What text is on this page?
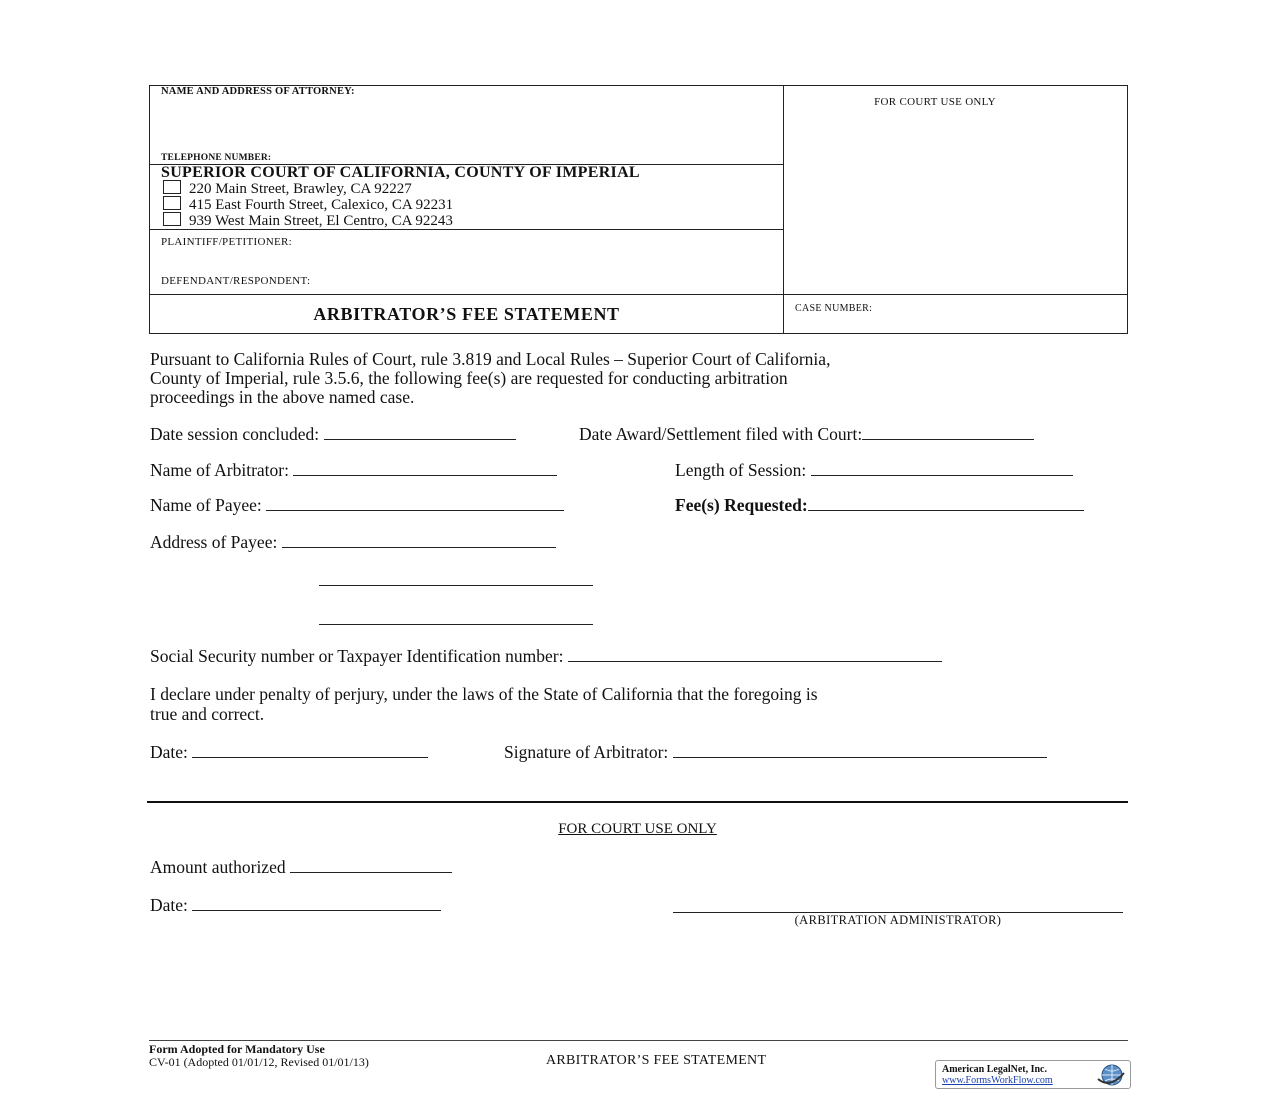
NAME AND ADDRESS OF ATTORNEY:
TELEPHONE NUMBER:
SUPERIOR COURT OF CALIFORNIA, COUNTY OF IMPERIAL
220 Main Street, Brawley, CA 92227
415 East Fourth Street, Calexico, CA 92231
939 West Main Street, El Centro, CA 92243
PLAINTIFF/PETITIONER:
DEFENDANT/RESPONDENT:
ARBITRATOR’S FEE STATEMENT
FOR COURT USE ONLY
CASE NUMBER:
Pursuant to California Rules of Court, rule 3.819 and Local Rules – Superior Court of California,
County of Imperial, rule 3.5.6, the following fee(s) are requested for conducting arbitration
proceedings in the above named case.
Date session concluded:	Date Award/Settlement filed with Court:
Name of Arbitrator:	Length of Session:
Name of Payee:	Fee(s) Requested:
Address of Payee:
Social Security number or Taxpayer Identification number:
I declare under penalty of perjury, under the laws of the State of California that the foregoing is
true and correct.
Date:	Signature of Arbitrator:
FOR COURT USE ONLY
Amount authorized
Date:
(ARBITRATION ADMINISTRATOR)
Form Adopted for Mandatory Use
CV-01 (Adopted 01/01/12, Revised 01/01/13)	ARBITRATOR’S FEE STATEMENT
American LegalNet, Inc.
www.FormsWorkFlow.com
